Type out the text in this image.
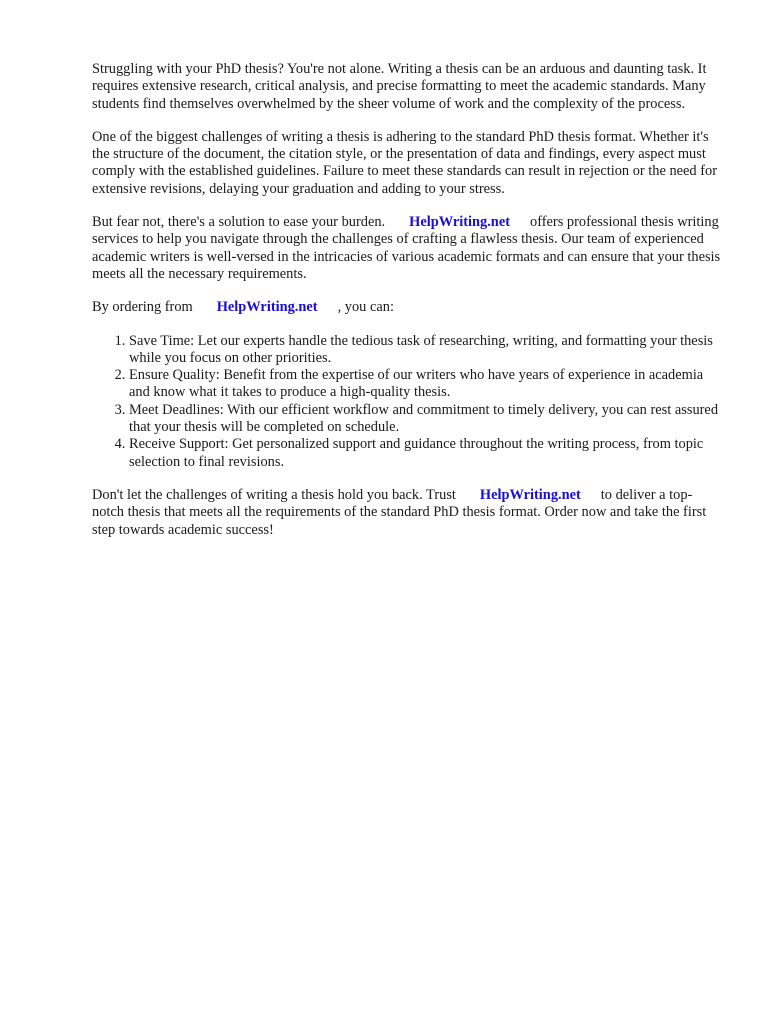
Struggling with your PhD thesis? You're not alone. Writing a thesis can be an arduous and daunting task. It requires extensive research, critical analysis, and precise formatting to meet the academic standards. Many students find themselves overwhelmed by the sheer volume of work and the complexity of the process.

One of the biggest challenges of writing a thesis is adhering to the standard PhD thesis format. Whether it's the structure of the document, the citation style, or the presentation of data and findings, every aspect must comply with the established guidelines. Failure to meet these standards can result in rejection or the need for extensive revisions, delaying your graduation and adding to your stress.

But fear not, there's a solution to ease your burden. HelpWriting.net offers professional thesis writing services to help you navigate through the challenges of crafting a flawless thesis. Our team of experienced academic writers is well-versed in the intricacies of various academic formats and can ensure that your thesis meets all the necessary requirements.

By ordering from HelpWriting.net , you can:

1. Save Time: Let our experts handle the tedious task of researching, writing, and formatting your thesis while you focus on other priorities.
2. Ensure Quality: Benefit from the expertise of our writers who have years of experience in academia and know what it takes to produce a high-quality thesis.
3. Meet Deadlines: With our efficient workflow and commitment to timely delivery, you can rest assured that your thesis will be completed on schedule.
4. Receive Support: Get personalized support and guidance throughout the writing process, from topic selection to final revisions.

Don't let the challenges of writing a thesis hold you back. Trust HelpWriting.net to deliver a top-notch thesis that meets all the requirements of the standard PhD thesis format. Order now and take the first step towards academic success!
